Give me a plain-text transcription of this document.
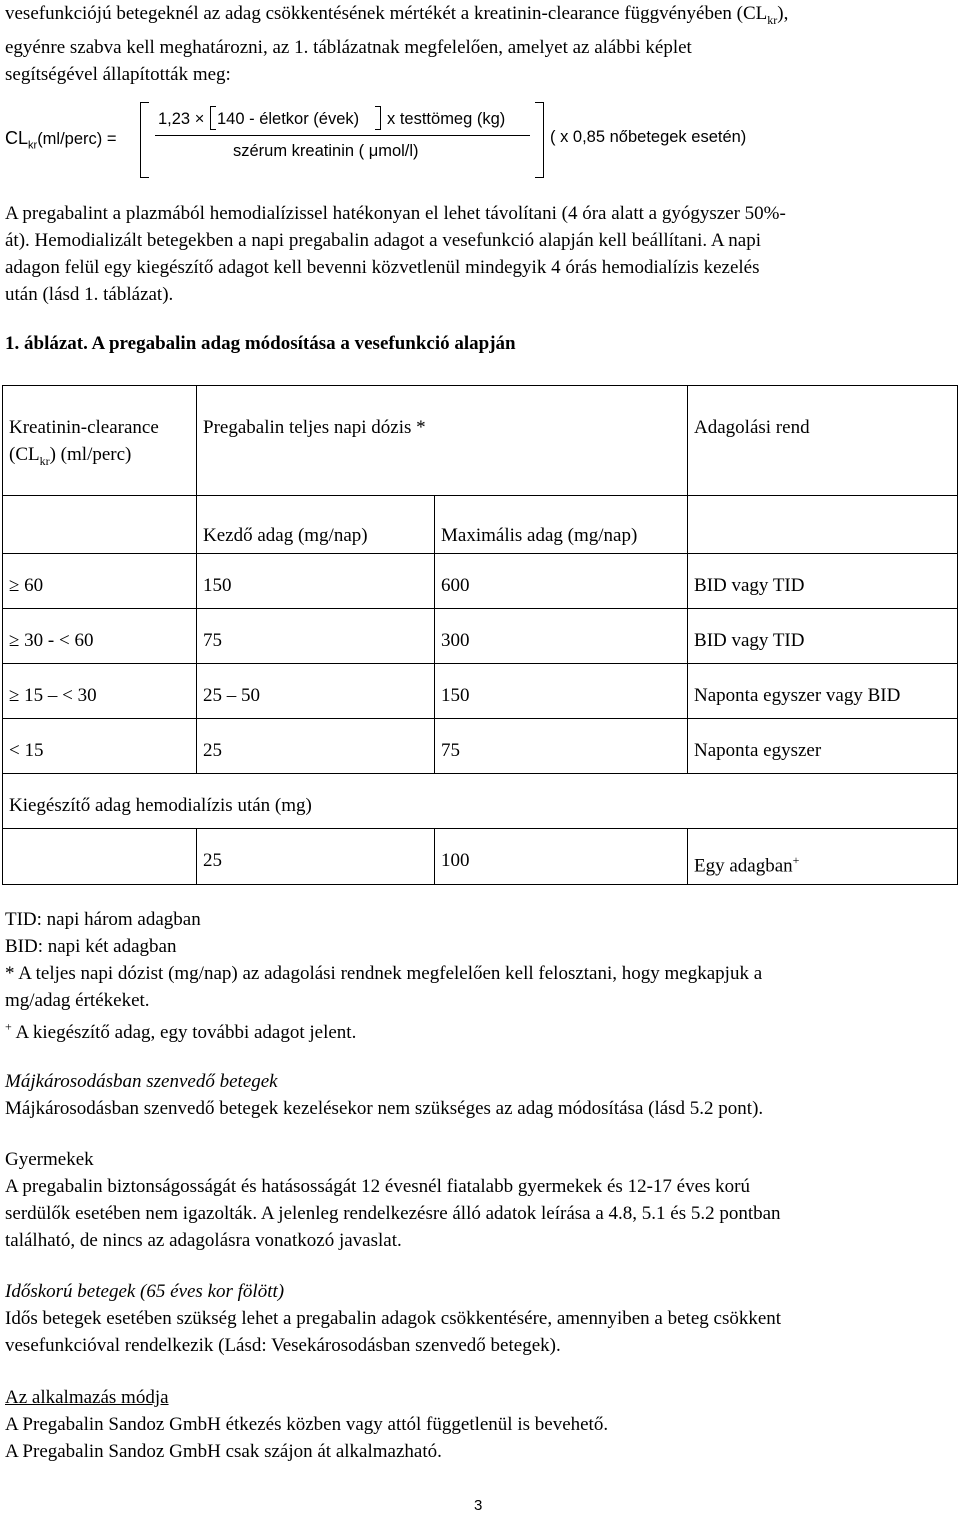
vesefunkciójú betegeknél az adag csökkentésének mértékét a kreatinin-clearance függvényében $(CL_{kr})$,
egyénre szabva kell meghatározni, az 1. táblázatnak megfelelően, amelyet az alábbi képlet
segítségével állapították meg:

$CL_{kr}(ml/perc)$ =
1,23 × 140 - életkor (évek) x testtömeg (kg)
szérum kreatinin ( μmol/l)
( x 0,85 nőbetegek esetén)

A pregabalint a plazmából hemodialízissel hatékonyan el lehet távolítani (4 óra alatt a gyógyszer 50%-
át). Hemodializált betegekben a napi pregabalin adagot a vesefunkció alapján kell beállítani. A napi
adagon felül egy kiegészítő adagot kell bevenni közvetlenül mindegyik 4 órás hemodialízis kezelés
után (lásd 1. táblázat).

1. áblázat. A pregabalin adag módosítása a vesefunkció alapján

Kreatinin-clearance $(CL_{kr})$ (ml/perc)	Pregabalin teljes napi dózis *		Adagolási rend
	Kezdő adag (mg/nap)	Maximális adag (mg/nap)	
≥ 60	150	600	BID vagy TID
≥ 30 - < 60	75	300	BID vagy TID
≥ 15 – < 30	25 – 50	150	Naponta egyszer vagy BID
< 15	25	75	Naponta egyszer
Kiegészítő adag hemodialízis után (mg)			
	25	100	Egy adagban+

TID: napi három adagban
BID: napi két adagban
* A teljes napi dózist (mg/nap) az adagolási rendnek megfelelően kell felosztani, hogy megkapjuk a
mg/adag értékeket.
+ A kiegészítő adag, egy további adagot jelent.

Májkárosodásban szenvedő betegek
Májkárosodásban szenvedő betegek kezelésekor nem szükséges az adag módosítása (lásd 5.2 pont).

Gyermekek
A pregabalin biztonságosságát és hatásosságát 12 évesnél fiatalabb gyermekek és 12-17 éves korú
serdülők esetében nem igazolták. A jelenleg rendelkezésre álló adatok leírása a 4.8, 5.1 és 5.2 pontban
található, de nincs az adagolásra vonatkozó javaslat.

Időskorú betegek (65 éves kor fölött)
Idős betegek esetében szükség lehet a pregabalin adagok csökkentésére, amennyiben a beteg csökkent
vesefunkcióval rendelkezik (Lásd: Vesekárosodásban szenvedő betegek).

Az alkalmazás módja
A Pregabalin Sandoz GmbH étkezés közben vagy attól függetlenül is bevehető.
A Pregabalin Sandoz GmbH csak szájon át alkalmazható.

3
